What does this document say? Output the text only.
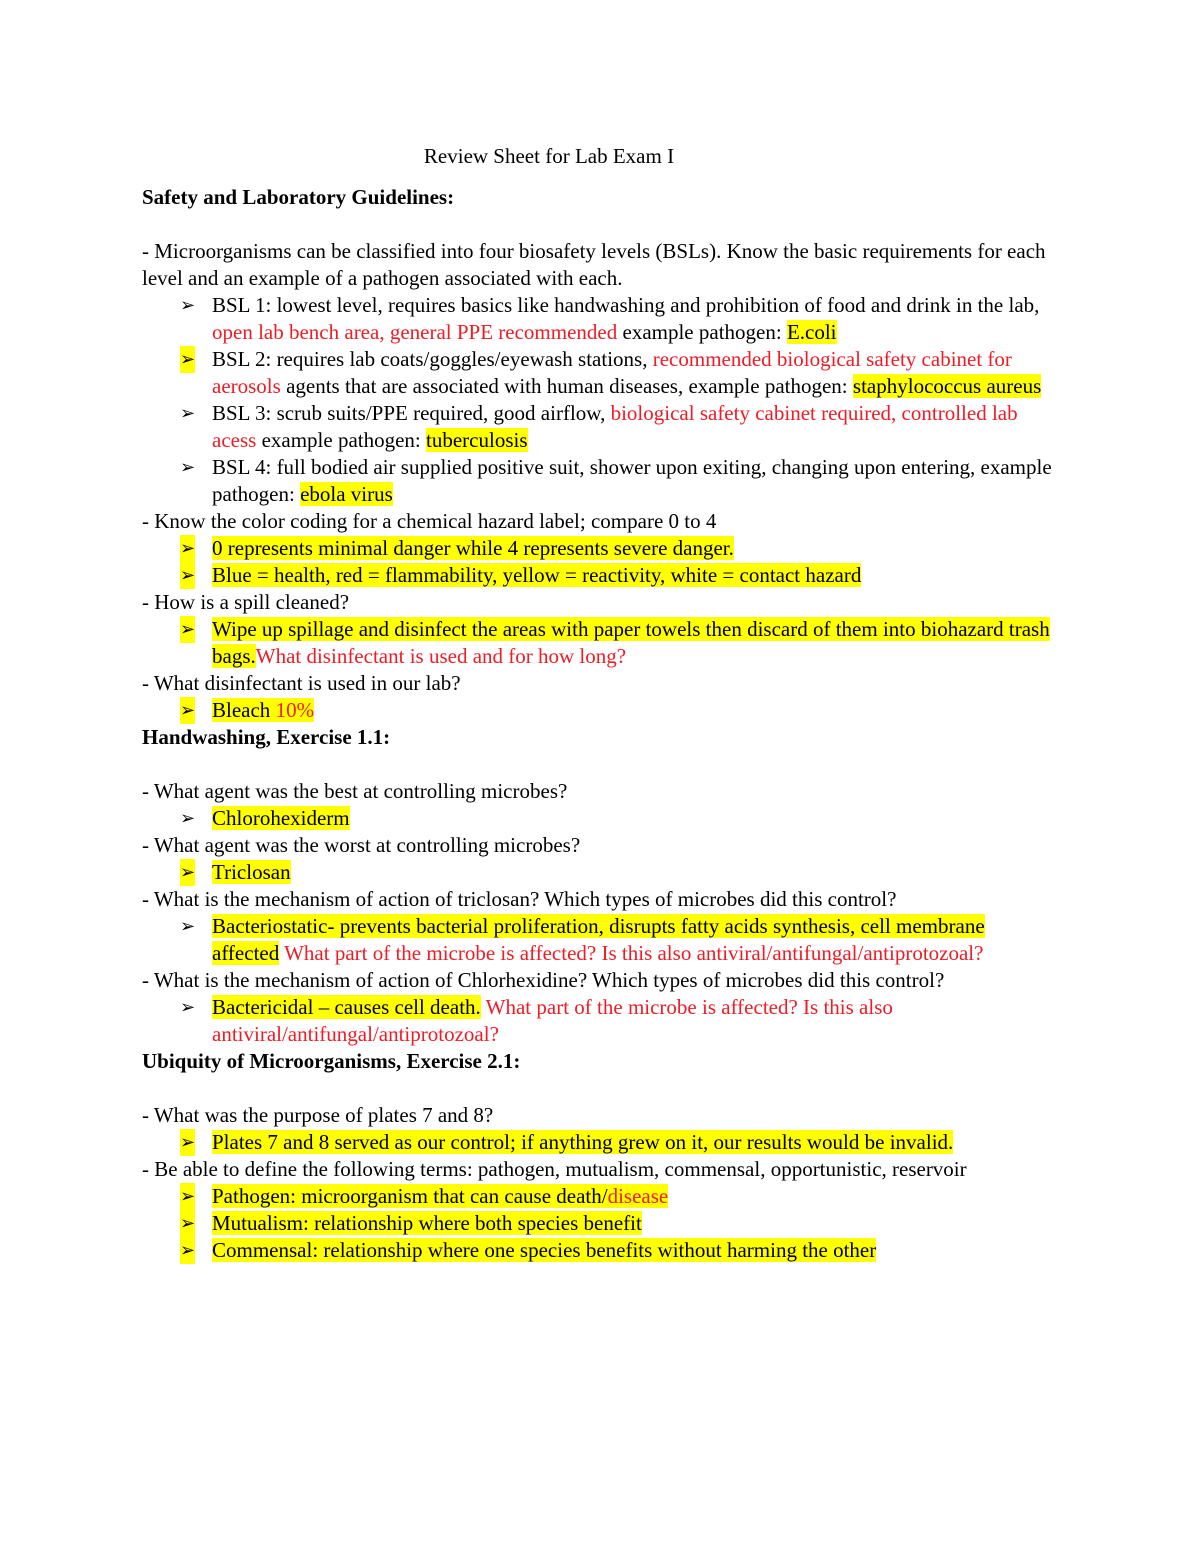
Review Sheet for Lab Exam I
Safety and Laboratory Guidelines:
- Microorganisms can be classified into four biosafety levels (BSLs). Know the basic requirements for each level and an example of a pathogen associated with each.
➢ BSL 1: lowest level, requires basics like handwashing and prohibition of food and drink in the lab, open lab bench area, general PPE recommended example pathogen: E.coli
➢ BSL 2: requires lab coats/goggles/eyewash stations, recommended biological safety cabinet for aerosols agents that are associated with human diseases, example pathogen: staphylococcus aureus
➢ BSL 3: scrub suits/PPE required, good airflow, biological safety cabinet required, controlled lab acess example pathogen: tuberculosis
➢ BSL 4: full bodied air supplied positive suit, shower upon exiting, changing upon entering, example pathogen: ebola virus
- Know the color coding for a chemical hazard label; compare 0 to 4
➢ 0 represents minimal danger while 4 represents severe danger.
➢ Blue = health, red = flammability, yellow = reactivity, white = contact hazard
- How is a spill cleaned?
➢ Wipe up spillage and disinfect the areas with paper towels then discard of them into biohazard trash bags.What disinfectant is used and for how long?
- What disinfectant is used in our lab?
➢ Bleach 10%
Handwashing, Exercise 1.1:
- What agent was the best at controlling microbes?
➢ Chlorohexiderm
- What agent was the worst at controlling microbes?
➢ Triclosan
- What is the mechanism of action of triclosan? Which types of microbes did this control?
➢ Bacteriostatic- prevents bacterial proliferation, disrupts fatty acids synthesis, cell membrane affected What part of the microbe is affected? Is this also antiviral/antifungal/antiprotozoal?
- What is the mechanism of action of Chlorhexidine? Which types of microbes did this control?
➢ Bactericidal – causes cell death. What part of the microbe is affected? Is this also antiviral/antifungal/antiprotozoal?
Ubiquity of Microorganisms, Exercise 2.1:
- What was the purpose of plates 7 and 8?
➢ Plates 7 and 8 served as our control; if anything grew on it, our results would be invalid.
- Be able to define the following terms: pathogen, mutualism, commensal, opportunistic, reservoir
➢ Pathogen: microorganism that can cause death/disease
➢ Mutualism: relationship where both species benefit
➢ Commensal: relationship where one species benefits without harming the other
